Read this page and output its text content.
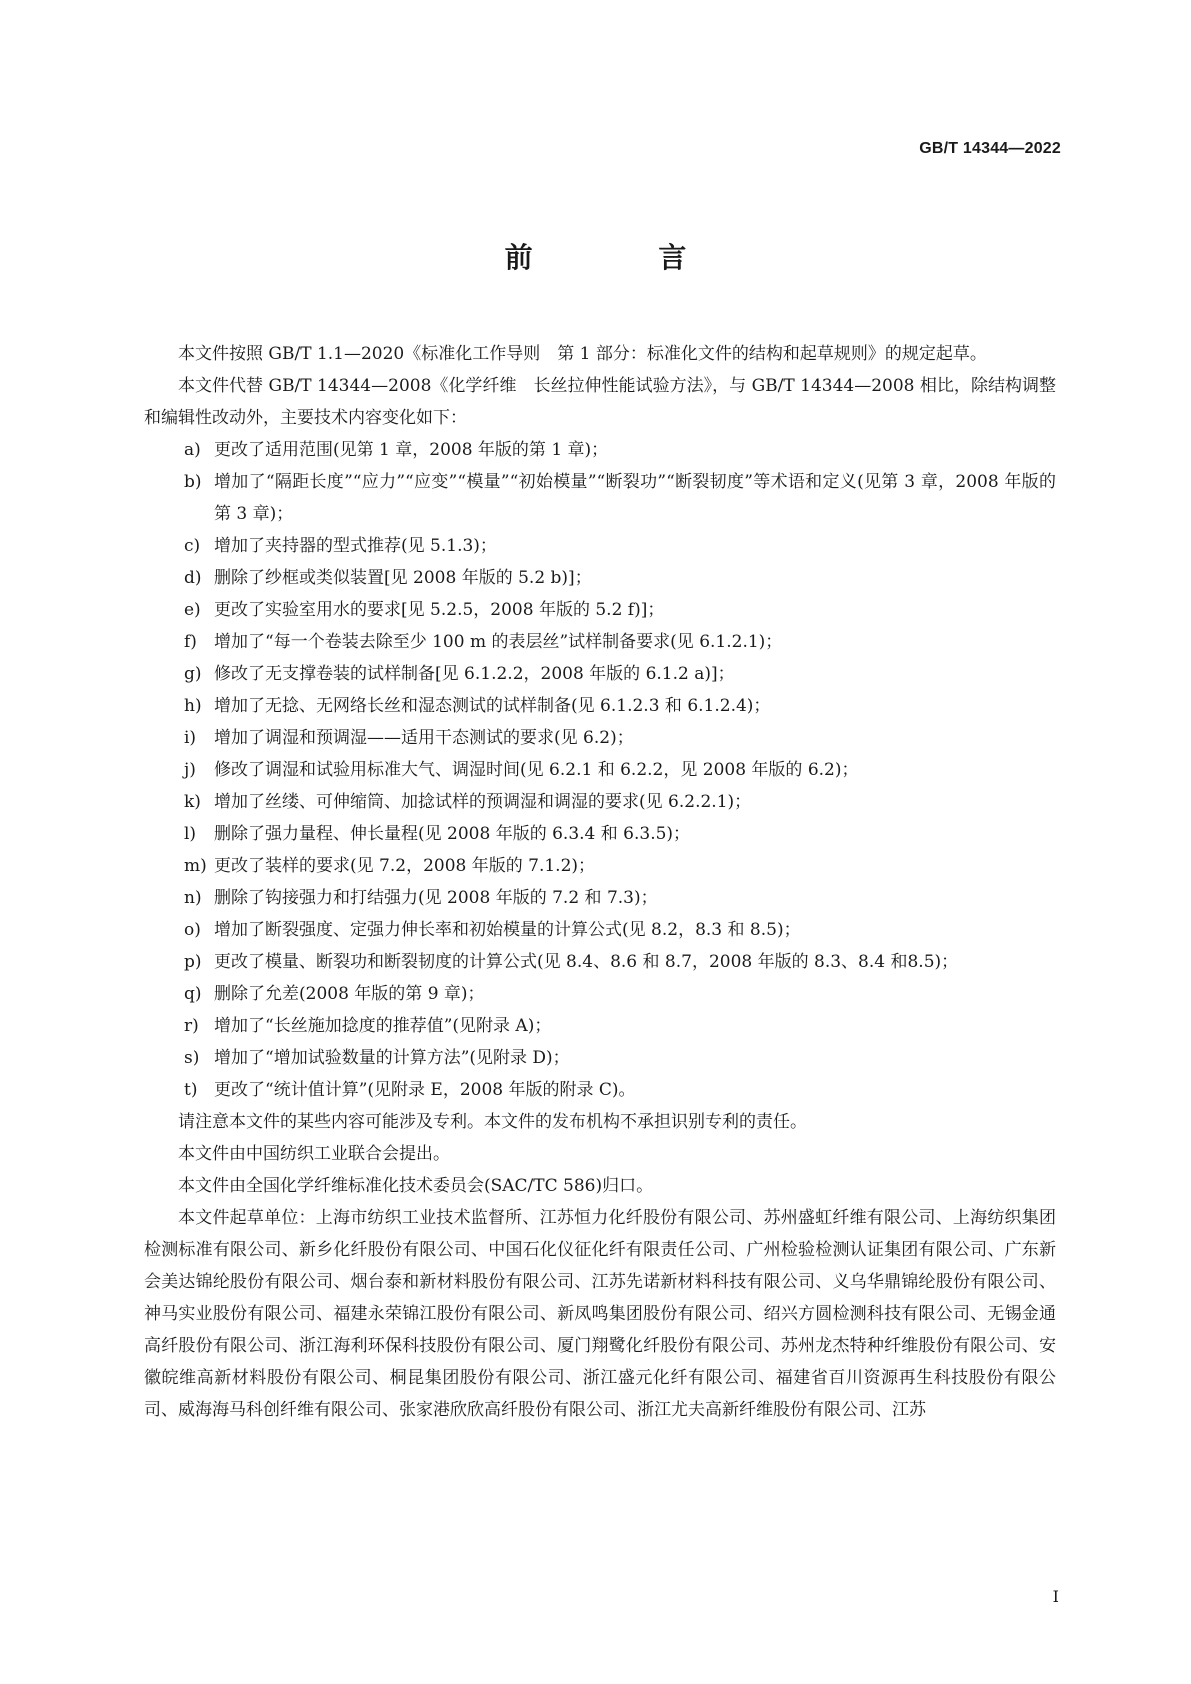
GB/T 14344—2022
前 言

本文件按照 GB/T 1.1—2020《标准化工作导则　第 1 部分：标准化文件的结构和起草规则》的规定起草。

本文件代替 GB/T 14344—2008《化学纤维　长丝拉伸性能试验方法》，与 GB/T 14344—2008 相比，除结构调整和编辑性改动外，主要技术内容变化如下：

a) 更改了适用范围(见第 1 章，2008 年版的第 1 章)；

b) 增加了“隔距长度”“应力”“应变”“模量”“初始模量”“断裂功”“断裂韧度”等术语和定义(见第 3 章，2008 年版的第 3 章)；

c) 增加了夹持器的型式推荐(见 5.1.3)；

d) 删除了纱框或类似装置[见 2008 年版的 5.2 b)]；

e) 更改了实验室用水的要求[见 5.2.5，2008 年版的 5.2 f)]；

f) 增加了“每一个卷装去除至少 100 m 的表层丝”试样制备要求(见 6.1.2.1)；

g) 修改了无支撑卷装的试样制备[见 6.1.2.2，2008 年版的 6.1.2 a)]；

h) 增加了无捻、无网络长丝和湿态测试的试样制备(见 6.1.2.3 和 6.1.2.4)；

i) 增加了调湿和预调湿——适用干态测试的要求(见 6.2)；

j) 修改了调湿和试验用标准大气、调湿时间(见 6.2.1 和 6.2.2，见 2008 年版的 6.2)；

k) 增加了丝缕、可伸缩筒、加捻试样的预调湿和调湿的要求(见 6.2.2.1)；

l) 删除了强力量程、伸长量程(见 2008 年版的 6.3.4 和 6.3.5)；

m) 更改了装样的要求(见 7.2，2008 年版的 7.1.2)；

n) 删除了钩接强力和打结强力(见 2008 年版的 7.2 和 7.3)；

o) 增加了断裂强度、定强力伸长率和初始模量的计算公式(见 8.2，8.3 和 8.5)；

p) 更改了模量、断裂功和断裂韧度的计算公式(见 8.4、8.6 和 8.7，2008 年版的 8.3、8.4 和8.5)；

q) 删除了允差(2008 年版的第 9 章)；

r) 增加了“长丝施加捻度的推荐值”(见附录 A)；

s) 增加了“增加试验数量的计算方法”(见附录 D)；

t) 更改了“统计值计算”(见附录 E，2008 年版的附录 C)。

请注意本文件的某些内容可能涉及专利。本文件的发布机构不承担识别专利的责任。

本文件由中国纺织工业联合会提出。

本文件由全国化学纤维标准化技术委员会(SAC/TC 586)归口。

本文件起草单位：上海市纺织工业技术监督所、江苏恒力化纤股份有限公司、苏州盛虹纤维有限公司、上海纺织集团检测标准有限公司、新乡化纤股份有限公司、中国石化仪征化纤有限责任公司、广州检验检测认证集团有限公司、广东新会美达锦纶股份有限公司、烟台泰和新材料股份有限公司、江苏先诺新材料科技有限公司、义乌华鼎锦纶股份有限公司、神马实业股份有限公司、福建永荣锦江股份有限公司、新凤鸣集团股份有限公司、绍兴方圆检测科技有限公司、无锡金通高纤股份有限公司、浙江海利环保科技股份有限公司、厦门翔鹭化纤股份有限公司、苏州龙杰特种纤维股份有限公司、安徽皖维高新材料股份有限公司、桐昆集团股份有限公司、浙江盛元化纤有限公司、福建省百川资源再生科技股份有限公司、威海海马科创纤维有限公司、张家港欣欣高纤股份有限公司、浙江尤夫高新纤维股份有限公司、江苏

I
